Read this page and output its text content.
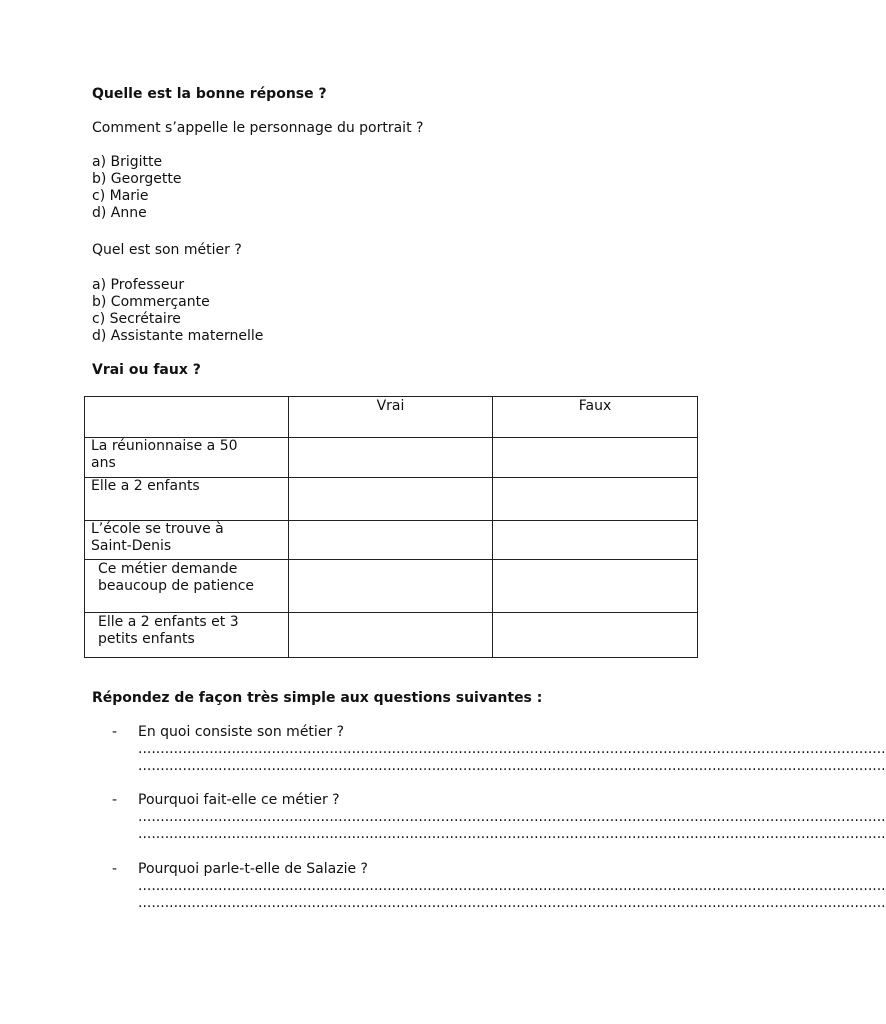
Quelle est la bonne réponse ?
Comment s’appelle le personnage du portrait ?
a) Brigitte
b) Georgette
c) Marie
d) Anne
Quel est son métier ?
a) Professeur
b) Commerçante
c) Secrétaire
d) Assistante maternelle
Vrai ou faux ?
	Vrai	Faux

La réunionnaise a 50
ans		

Elle a 2 enfants		

L’école se trouve à
Saint-Denis		

Ce métier demande
beaucoup de patience		

Elle a 2 enfants et 3
petits enfants		

Répondez de façon très simple aux questions suivantes :
- En quoi consiste son métier ?
........................................................................................................................................................................
........................................................................................................................................................................
- Pourquoi fait-elle ce métier ?
........................................................................................................................................................................
........................................................................................................................................................................
- Pourquoi parle-t-elle de Salazie ?
........................................................................................................................................................................
........................................................................................................................................................................
